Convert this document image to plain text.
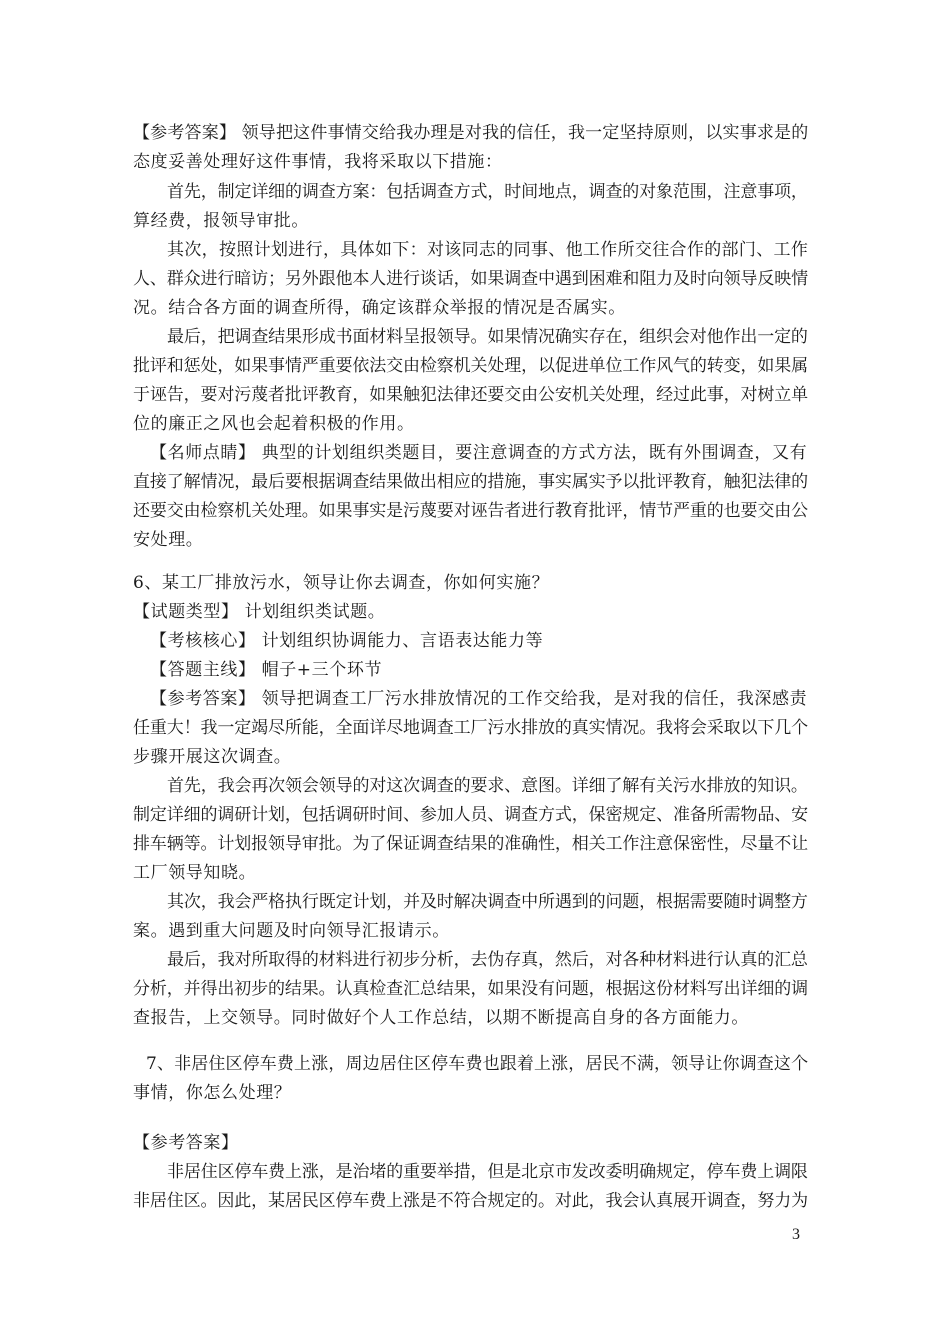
【参考答案】 领导把这件事情交给我办理是对我的信任，我一定坚持原则，以实事求是的
态度妥善处理好这件事情，我将采取以下措施：
首先，制定详细的调查方案：包括调查方式，时间地点，调查的对象范围，注意事项，
算经费，报领导审批。
其次，按照计划进行，具体如下：对该同志的同事、他工作所交往合作的部门、工作
人、群众进行暗访；另外跟他本人进行谈话，如果调查中遇到困难和阻力及时向领导反映情
况。结合各方面的调查所得，确定该群众举报的情况是否属实。
最后，把调查结果形成书面材料呈报领导。如果情况确实存在，组织会对他作出一定的
批评和惩处，如果事情严重要依法交由检察机关处理，以促进单位工作风气的转变，如果属
于诬告，要对污蔑者批评教育，如果触犯法律还要交由公安机关处理，经过此事，对树立单
位的廉正之风也会起着积极的作用。
【名师点睛】 典型的计划组织类题目，要注意调查的方式方法，既有外围调查，又有
直接了解情况，最后要根据调查结果做出相应的措施，事实属实予以批评教育，触犯法律的
还要交由检察机关处理。如果事实是污蔑要对诬告者进行教育批评，情节严重的也要交由公
安处理。
6、某工厂排放污水，领导让你去调查，你如何实施？
【试题类型】 计划组织类试题。
【考核核心】 计划组织协调能力、言语表达能力等
【答题主线】 帽子+三个环节
【参考答案】 领导把调查工厂污水排放情况的工作交给我，是对我的信任，我深感责
任重大！我一定竭尽所能，全面详尽地调查工厂污水排放的真实情况。我将会采取以下几个
步骤开展这次调查。
首先，我会再次领会领导的对这次调查的要求、意图。详细了解有关污水排放的知识。
制定详细的调研计划，包括调研时间、参加人员、调查方式，保密规定、准备所需物品、安
排车辆等。计划报领导审批。为了保证调查结果的准确性，相关工作注意保密性，尽量不让
工厂领导知晓。
其次，我会严格执行既定计划，并及时解决调查中所遇到的问题，根据需要随时调整方
案。遇到重大问题及时向领导汇报请示。
最后，我对所取得的材料进行初步分析，去伪存真，然后，对各种材料进行认真的汇总
分析，并得出初步的结果。认真检查汇总结果，如果没有问题，根据这份材料写出详细的调
查报告，上交领导。同时做好个人工作总结，以期不断提高自身的各方面能力。
7、非居住区停车费上涨，周边居住区停车费也跟着上涨，居民不满，领导让你调查这个
事情，你怎么处理？
【参考答案】
非居住区停车费上涨，是治堵的重要举措，但是北京市发改委明确规定，停车费上调限
非居住区。因此，某居民区停车费上涨是不符合规定的。对此，我会认真展开调查，努力为
3
